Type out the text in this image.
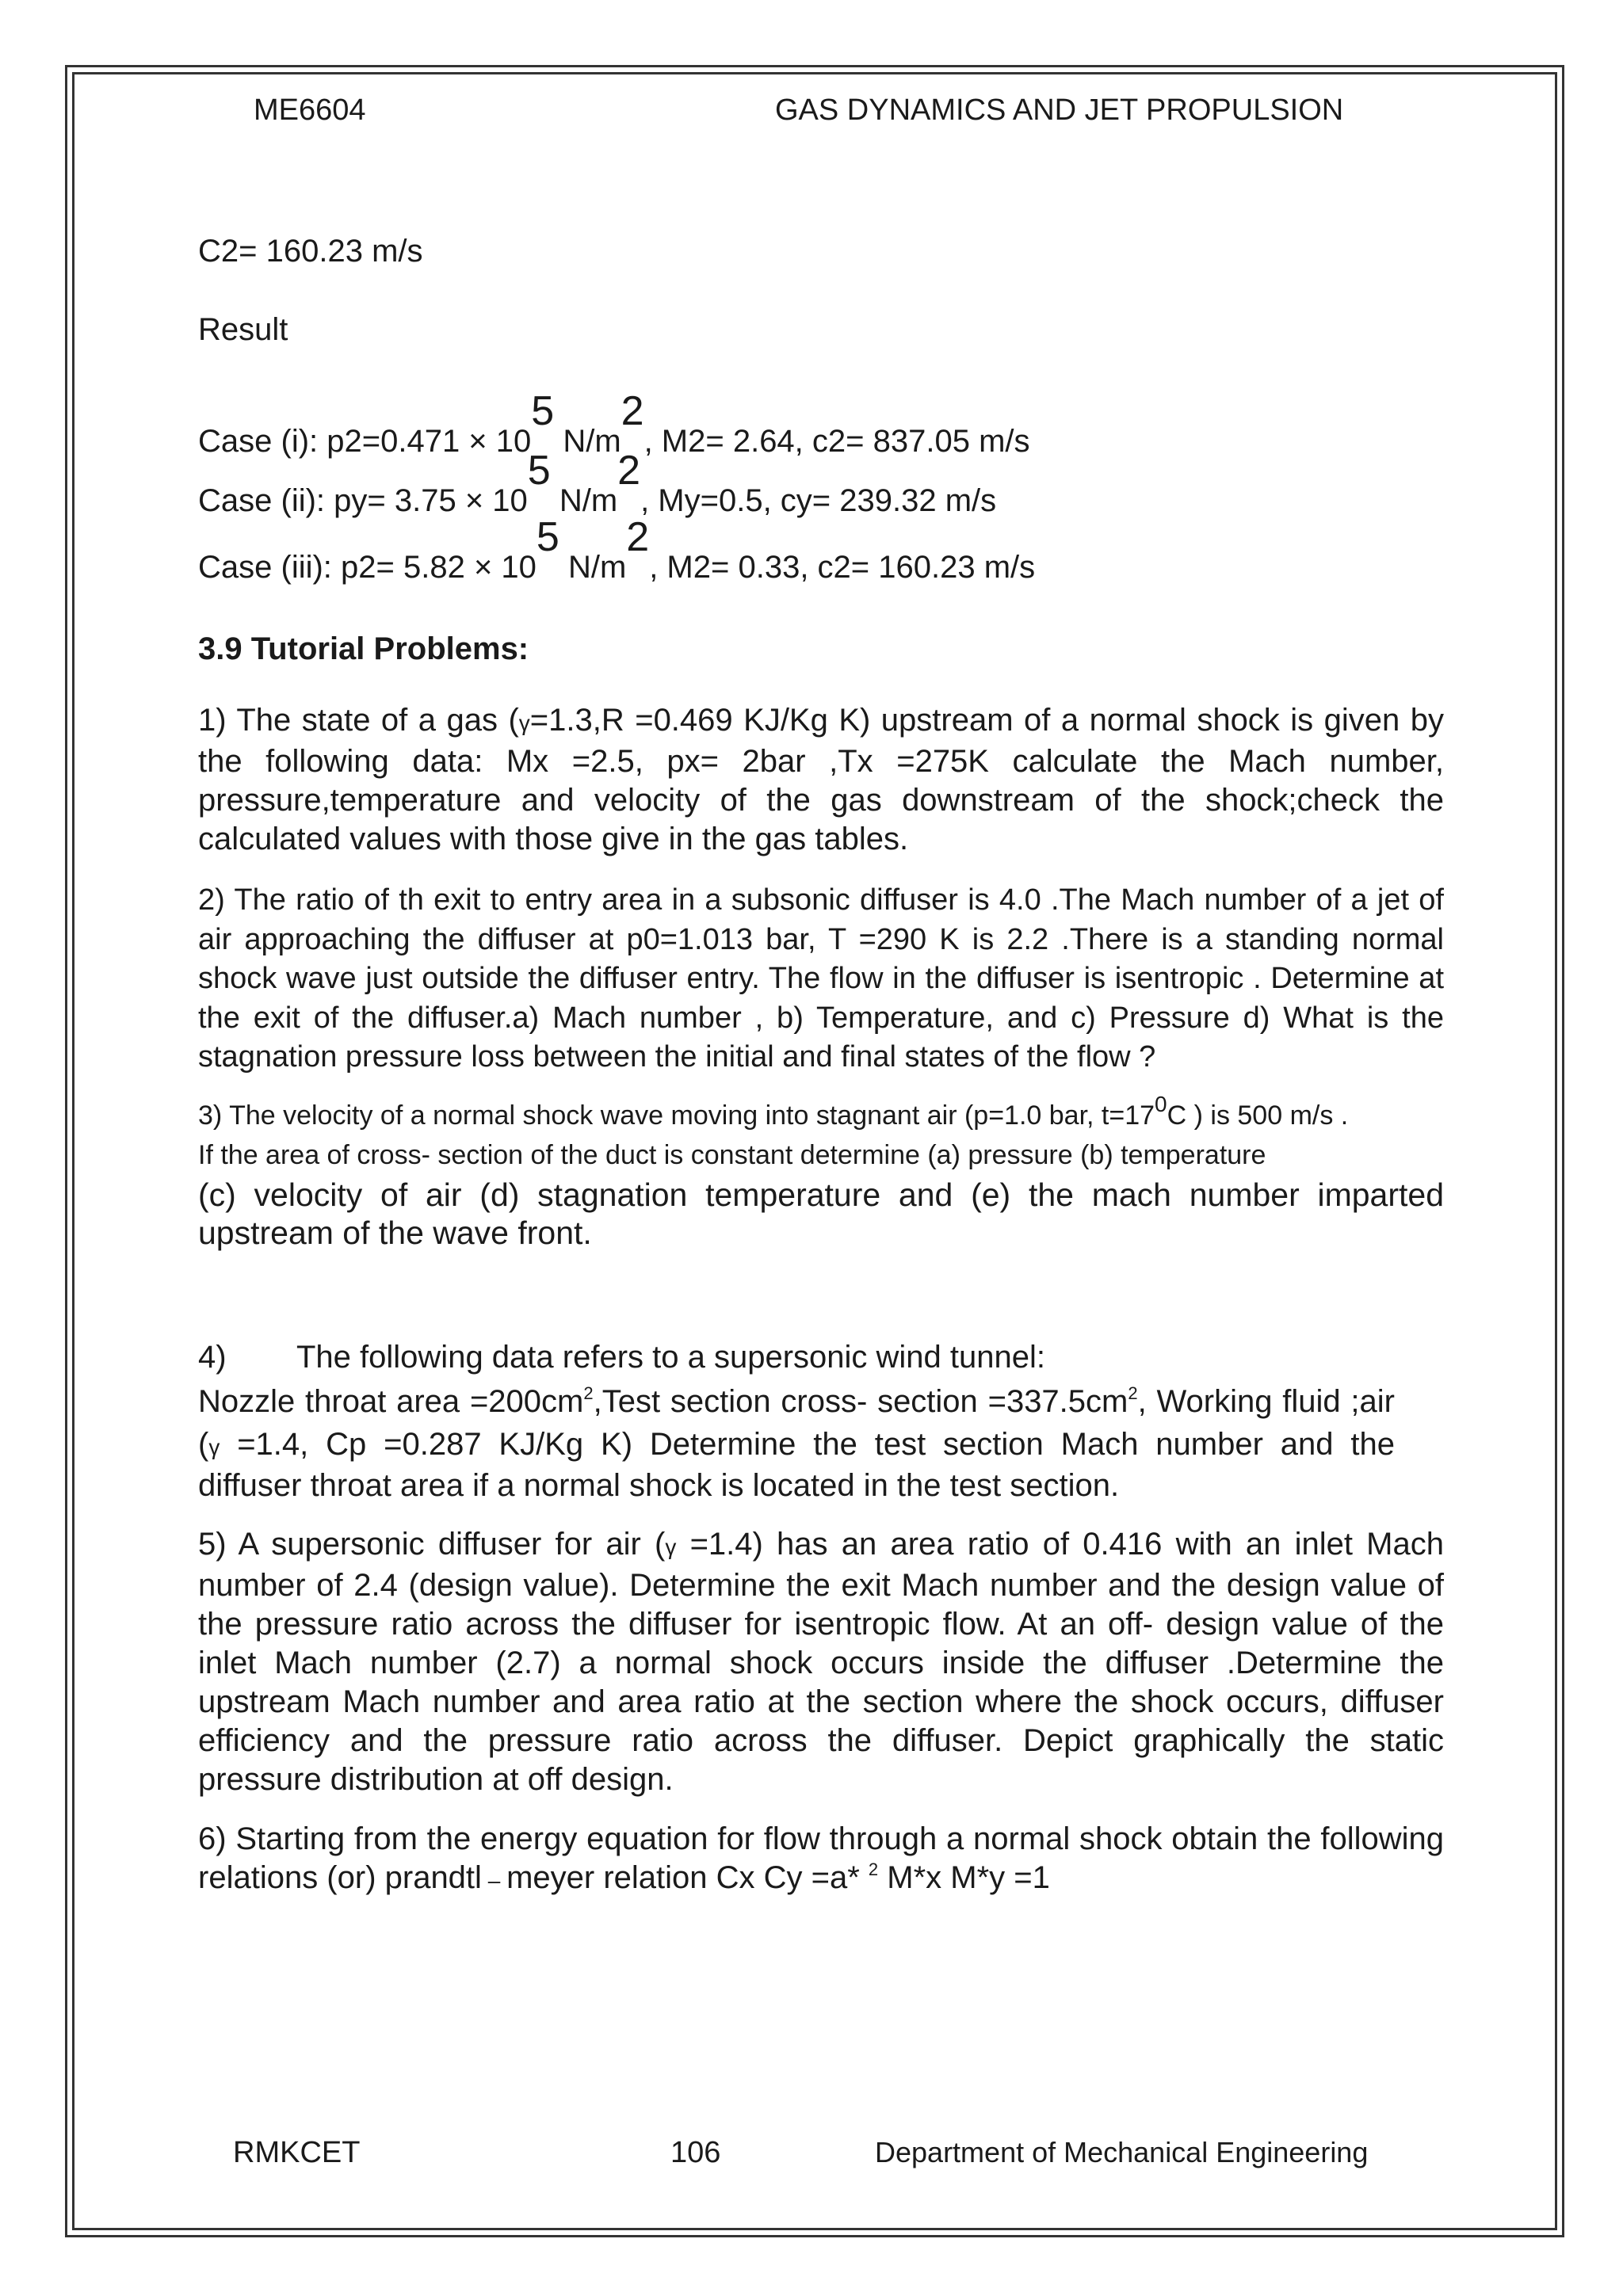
ME6604	GAS DYNAMICS AND JET PROPULSION
C2= 160.23 m/s
Result
Case (i): p2=0.471 × 105 N/m2, M2= 2.64, c2= 837.05 m/s
Case (ii): py= 3.75 × 105 N/m2, My=0.5, cy= 239.32 m/s
Case (iii): p2= 5.82 × 105 N/m2, M2= 0.33, c2= 160.23 m/s
3.9 Tutorial Problems:

1) The state of a gas (γ=1.3,R =0.469 KJ/Kg K) upstream of a normal shock is given by the following data: Mx =2.5, px= 2bar ,Tx =275K calculate the Mach number, pressure,temperature and velocity of the gas downstream of the shock;check the calculated values with those give in the gas tables.

2) The ratio of th exit to entry area in a subsonic diffuser is 4.0 .The Mach number of a jet of air approaching the diffuser at p0=1.013 bar, T =290 K is 2.2 .There is a standing normal shock wave just outside the diffuser entry. The flow in the diffuser is isentropic . Determine at the exit of the diffuser.a) Mach number , b) Temperature, and c) Pressure d) What is the stagnation pressure loss between the initial and final states of the flow ?

3) The velocity of a normal shock wave moving into stagnant air (p=1.0 bar, $t=17^0C$ ) is 500 m/s .

If the area of cross- section of the duct is constant determine (a) pressure (b) temperature

(c) velocity of air (d) stagnation temperature and (e) the mach number imparted upstream of the wave front.

4) The following data refers to a supersonic wind tunnel:

Nozzle throat area $=200cm^2,Test$ section cross- section $=337.5cm^2$, Working fluid ;air (γ =1.4, Cp =0.287 KJ/Kg K) Determine the test section Mach number and the diffuser throat area if a normal shock is located in the test section.

5) A supersonic diffuser for air (γ =1.4) has an area ratio of 0.416 with an inlet Mach number of 2.4 (design value). Determine the exit Mach number and the design value of the pressure ratio across the diffuser for isentropic flow. At an off- design value of the inlet Mach number (2.7) a normal shock occurs inside the diffuser .Determine the upstream Mach number and area ratio at the section where the shock occurs, diffuser efficiency and the pressure ratio across the diffuser. Depict graphically the static pressure distribution at off design.

6) Starting from the energy equation for flow through a normal shock obtain the following relations (or) prandtl – meyer relation Cx Cy =a* $^2$ M*x M*y =1

RMKCET	106	Department of Mechanical Engineering
